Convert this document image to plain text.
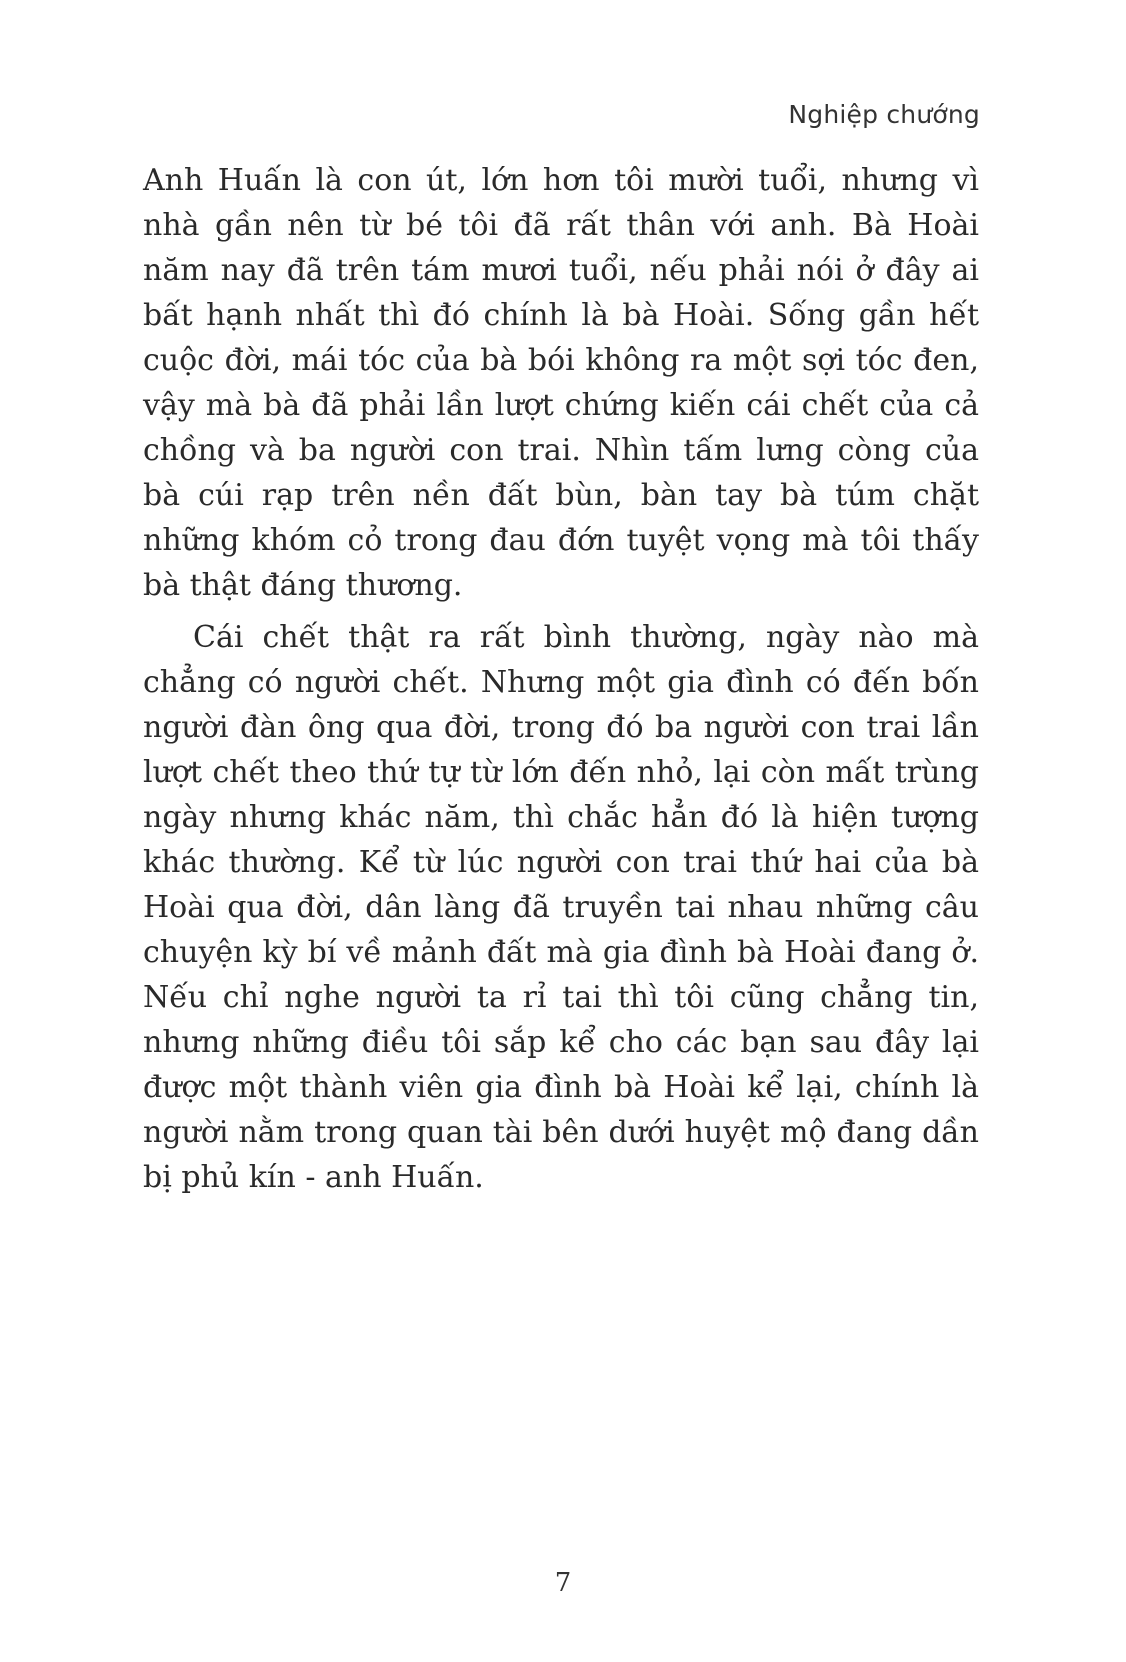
Nghiệp chướng

Anh Huấn là con út, lớn hơn tôi mười tuổi, nhưng vì nhà gần nên từ bé tôi đã rất thân với anh. Bà Hoài năm nay đã trên tám mươi tuổi, nếu phải nói ở đây ai bất hạnh nhất thì đó chính là bà Hoài. Sống gần hết cuộc đời, mái tóc của bà bói không ra một sợi tóc đen, vậy mà bà đã phải lần lượt chứng kiến cái chết của cả chồng và ba người con trai. Nhìn tấm lưng còng của bà cúi rạp trên nền đất bùn, bàn tay bà túm chặt những khóm cỏ trong đau đớn tuyệt vọng mà tôi thấy bà thật đáng thương.

Cái chết thật ra rất bình thường, ngày nào mà chẳng có người chết. Nhưng một gia đình có đến bốn người đàn ông qua đời, trong đó ba người con trai lần lượt chết theo thứ tự từ lớn đến nhỏ, lại còn mất trùng ngày nhưng khác năm, thì chắc hẳn đó là hiện tượng khác thường. Kể từ lúc người con trai thứ hai của bà Hoài qua đời, dân làng đã truyền tai nhau những câu chuyện kỳ bí về mảnh đất mà gia đình bà Hoài đang ở. Nếu chỉ nghe người ta rỉ tai thì tôi cũng chẳng tin, nhưng những điều tôi sắp kể cho các bạn sau đây lại được một thành viên gia đình bà Hoài kể lại, chính là người nằm trong quan tài bên dưới huyệt mộ đang dần bị phủ kín - anh Huấn.

7
